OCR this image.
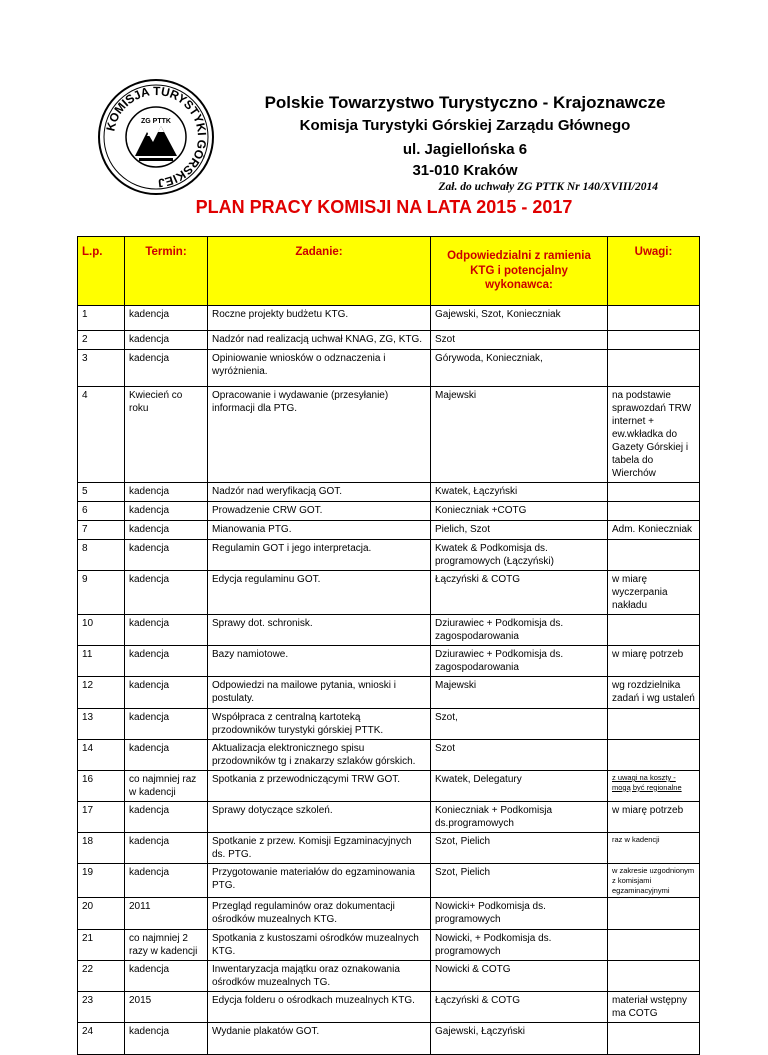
KOMISJA TURYSTYKI GÓRSKIEJ
ZG PTTK
Polskie Towarzystwo Turystyczno - Krajoznawcze
Komisja Turystyki Górskiej Zarządu Głównego
ul. Jagiellońska 6
31-010 Kraków
Zał. do uchwały ZG PTTK Nr 140/XVIII/2014
PLAN PRACY KOMISJI NA LATA 2015 - 2017
L.p.	Termin:	Zadanie:	Odpowiedzialni z ramienia KTG i potencjalny wykonawca:	Uwagi:
1	kadencja	Roczne projekty budżetu KTG.	Gajewski, Szot, Konieczniak	
2	kadencja	Nadzór nad realizacją uchwał KNAG, ZG, KTG.	Szot	
3	kadencja	Opiniowanie wniosków o odznaczenia i wyróżnienia.	Górywoda, Konieczniak,	
4	Kwiecień co roku	Opracowanie i wydawanie (przesyłanie) informacji dla PTG.	Majewski	na podstawie sprawozdań TRW internet + ew.wkładka do Gazety Górskiej i tabela do Wierchów
5	kadencja	Nadzór nad weryfikacją GOT.	Kwatek, Łączyński	
6	kadencja	Prowadzenie CRW GOT.	Konieczniak +COTG	
7	kadencja	Mianowania PTG.	Pielich, Szot	Adm. Konieczniak
8	kadencja	Regulamin GOT i jego interpretacja.	Kwatek & Podkomisja ds. programowych (Łączyński)	
9	kadencja	Edycja regulaminu GOT.	Łączyński & COTG	w miarę wyczerpania nakładu
10	kadencja	Sprawy dot. schronisk.	Dziurawiec + Podkomisja ds. zagospodarowania	
11	kadencja	Bazy namiotowe.	Dziurawiec + Podkomisja ds. zagospodarowania	w miarę potrzeb
12	kadencja	Odpowiedzi na mailowe pytania, wnioski i postulaty.	Majewski	wg rozdzielnika zadań i wg ustaleń
13	kadencja	Współpraca z centralną kartoteką przodowników turystyki górskiej PTTK.	Szot,	
14	kadencja	Aktualizacja elektronicznego spisu przodowników tg i znakarzy szlaków górskich.	Szot	
16	co najmniej raz w kadencji	Spotkania z przewodniczącymi TRW GOT.	Kwatek, Delegatury	z uwagi na koszty - mogą być regionalne
17	kadencja	Sprawy dotyczące szkoleń.	Konieczniak + Podkomisja ds.programowych	w miarę potrzeb
18	kadencja	Spotkanie z przew. Komisji Egzaminacyjnych ds. PTG.	Szot, Pielich	raz w kadencji
19	kadencja	Przygotowanie materiałów do egzaminowania PTG.	Szot, Pielich	w zakresie uzgodnionym z komisjami egzaminacyjnymi
20	2011	Przegląd regulaminów oraz dokumentacji ośrodków muzealnych KTG.	Nowicki+ Podkomisja ds. programowych	
21	co najmniej 2 razy w kadencji	Spotkania z kustoszami ośrodków muzealnych KTG.	Nowicki, + Podkomisja ds. programowych	
22	kadencja	Inwentaryzacja majątku oraz oznakowania ośrodków muzealnych TG.	Nowicki & COTG	
23	2015	Edycja folderu o ośrodkach muzealnych KTG.	Łączyński & COTG	materiał wstępny ma COTG
24	kadencja	Wydanie plakatów GOT.	Gajewski, Łączyński	
